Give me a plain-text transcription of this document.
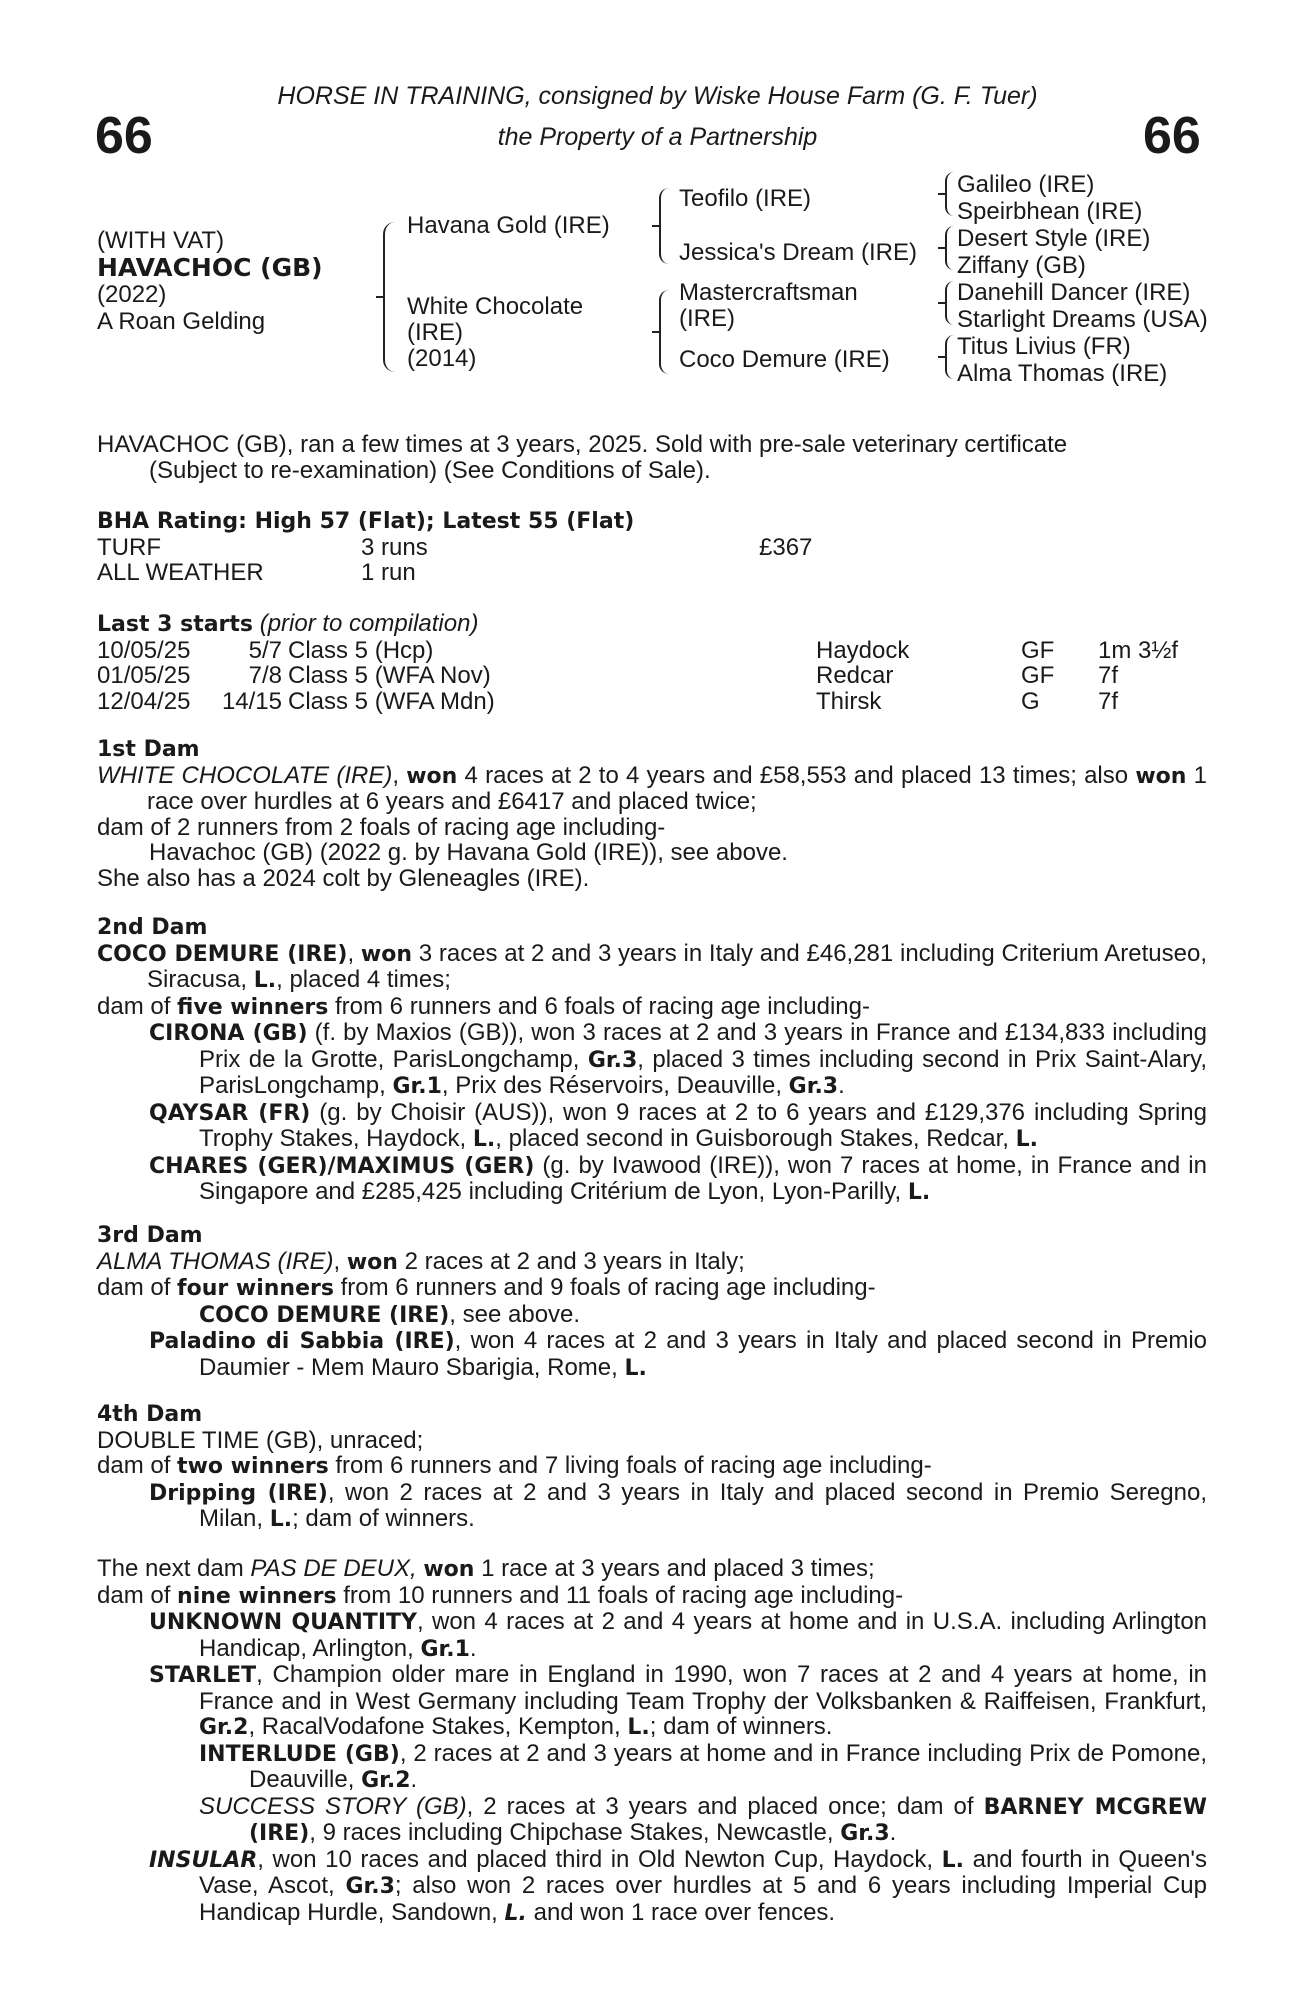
66	66
HORSE IN TRAINING, consigned by Wiske House Farm (G. F. Tuer)
the Property of a Partnership
(WITH VAT)
HAVACHOC (GB)
(2022)
A Roan Gelding
Havana Gold (IRE)
White Chocolate
(IRE)
(2014)
Teofilo (IRE)
Jessica's Dream (IRE)
Mastercraftsman
(IRE)
Coco Demure (IRE)
Galileo (IRE)
Speirbhean (IRE)
Desert Style (IRE)
Ziffany (GB)
Danehill Dancer (IRE)
Starlight Dreams (USA)
Titus Livius (FR)
Alma Thomas (IRE)
HAVACHOC (GB), ran a few times at 3 years, 2025. Sold with pre-sale veterinary certificate
(Subject to re-examination) (See Conditions of Sale).
BHA Rating: High 57 (Flat); Latest 55 (Flat)
TURF	3 runs	£367
ALL WEATHER	1 run
Last 3 starts (prior to compilation)
10/05/25	5/7	Class 5 (Hcp)	Haydock	GF	1m 3½f
01/05/25	7/8	Class 5 (WFA Nov)	Redcar	GF	7f
12/04/25	14/15	Class 5 (WFA Mdn)	Thirsk	G	7f
1st Dam
WHITE CHOCOLATE (IRE), won 4 races at 2 to 4 years and £58,553 and placed 13 times; also won 1 race over hurdles at 6 years and £6417 and placed twice;
dam of 2 runners from 2 foals of racing age including-
Havachoc (GB) (2022 g. by Havana Gold (IRE)), see above.
She also has a 2024 colt by Gleneagles (IRE).
2nd Dam
COCO DEMURE (IRE), won 3 races at 2 and 3 years in Italy and £46,281 including Criterium Aretuseo, Siracusa, L., placed 4 times;
dam of five winners from 6 runners and 6 foals of racing age including-
CIRONA (GB) (f. by Maxios (GB)), won 3 races at 2 and 3 years in France and £134,833 including Prix de la Grotte, ParisLongchamp, Gr.3, placed 3 times including second in Prix Saint-Alary, ParisLongchamp, Gr.1, Prix des Réservoirs, Deauville, Gr.3.
QAYSAR (FR) (g. by Choisir (AUS)), won 9 races at 2 to 6 years and £129,376 including Spring Trophy Stakes, Haydock, L., placed second in Guisborough Stakes, Redcar, L.
CHARES (GER)/MAXIMUS (GER) (g. by Ivawood (IRE)), won 7 races at home, in France and in Singapore and £285,425 including Critérium de Lyon, Lyon-Parilly, L.
3rd Dam
ALMA THOMAS (IRE), won 2 races at 2 and 3 years in Italy;
dam of four winners from 6 runners and 9 foals of racing age including-
COCO DEMURE (IRE), see above.
Paladino di Sabbia (IRE), won 4 races at 2 and 3 years in Italy and placed second in Premio Daumier - Mem Mauro Sbarigia, Rome, L.
4th Dam
DOUBLE TIME (GB), unraced;
dam of two winners from 6 runners and 7 living foals of racing age including-
Dripping (IRE), won 2 races at 2 and 3 years in Italy and placed second in Premio Seregno, Milan, L.; dam of winners.
The next dam PAS DE DEUX, won 1 race at 3 years and placed 3 times;
dam of nine winners from 10 runners and 11 foals of racing age including-
UNKNOWN QUANTITY, won 4 races at 2 and 4 years at home and in U.S.A. including Arlington Handicap, Arlington, Gr.1.
STARLET, Champion older mare in England in 1990, won 7 races at 2 and 4 years at home, in France and in West Germany including Team Trophy der Volksbanken & Raiffeisen, Frankfurt, Gr.2, RacalVodafone Stakes, Kempton, L.; dam of winners.
INTERLUDE (GB), 2 races at 2 and 3 years at home and in France including Prix de Pomone, Deauville, Gr.2.
SUCCESS STORY (GB), 2 races at 3 years and placed once; dam of BARNEY MCGREW (IRE), 9 races including Chipchase Stakes, Newcastle, Gr.3.
INSULAR, won 10 races and placed third in Old Newton Cup, Haydock, L. and fourth in Queen's Vase, Ascot, Gr.3; also won 2 races over hurdles at 5 and 6 years including Imperial Cup Handicap Hurdle, Sandown, L. and won 1 race over fences.
